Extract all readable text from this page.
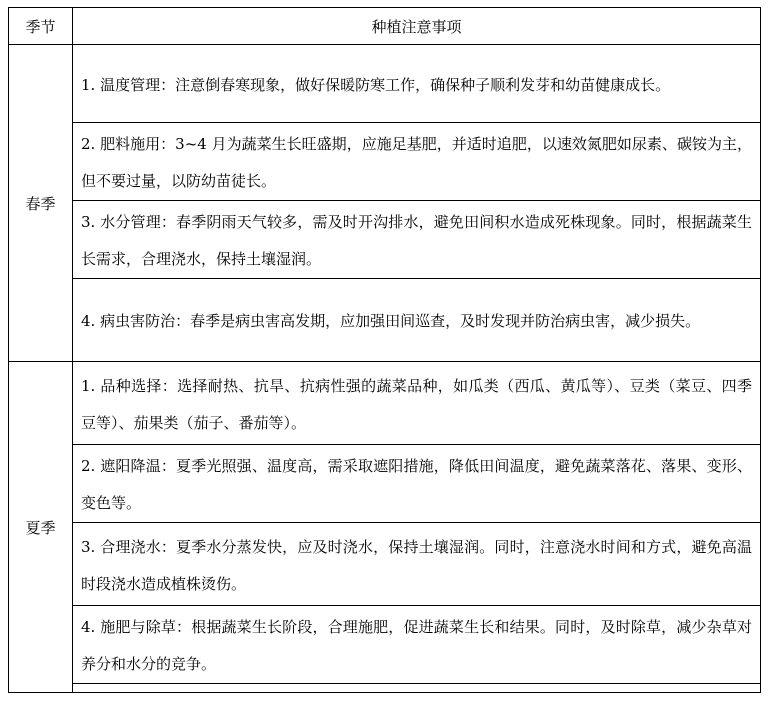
季节	种植注意事项
春季	1. 温度管理：注意倒春寒现象，做好保暖防寒工作，确保种子顺利发芽和幼苗健康成长。
	2. 肥料施用：3~4 月为蔬菜生长旺盛期，应施足基肥，并适时追肥，以速效氮肥如尿素、碳铵为主，但不要过量，以防幼苗徒长。
	3. 水分管理：春季阴雨天气较多，需及时开沟排水，避免田间积水造成死株现象。同时，根据蔬菜生长需求，合理浇水，保持土壤湿润。
	4. 病虫害防治：春季是病虫害高发期，应加强田间巡查，及时发现并防治病虫害，减少损失。
夏季	1. 品种选择：选择耐热、抗旱、抗病性强的蔬菜品种，如瓜类（西瓜、黄瓜等）、豆类（菜豆、四季豆等）、茄果类（茄子、番茄等）。
	2. 遮阳降温：夏季光照强、温度高，需采取遮阳措施，降低田间温度，避免蔬菜落花、落果、变形、变色等。
	3. 合理浇水：夏季水分蒸发快，应及时浇水，保持土壤湿润。同时，注意浇水时间和方式，避免高温时段浇水造成植株烫伤。
	4. 施肥与除草：根据蔬菜生长阶段，合理施肥，促进蔬菜生长和结果。同时，及时除草，减少杂草对养分和水分的竞争。
